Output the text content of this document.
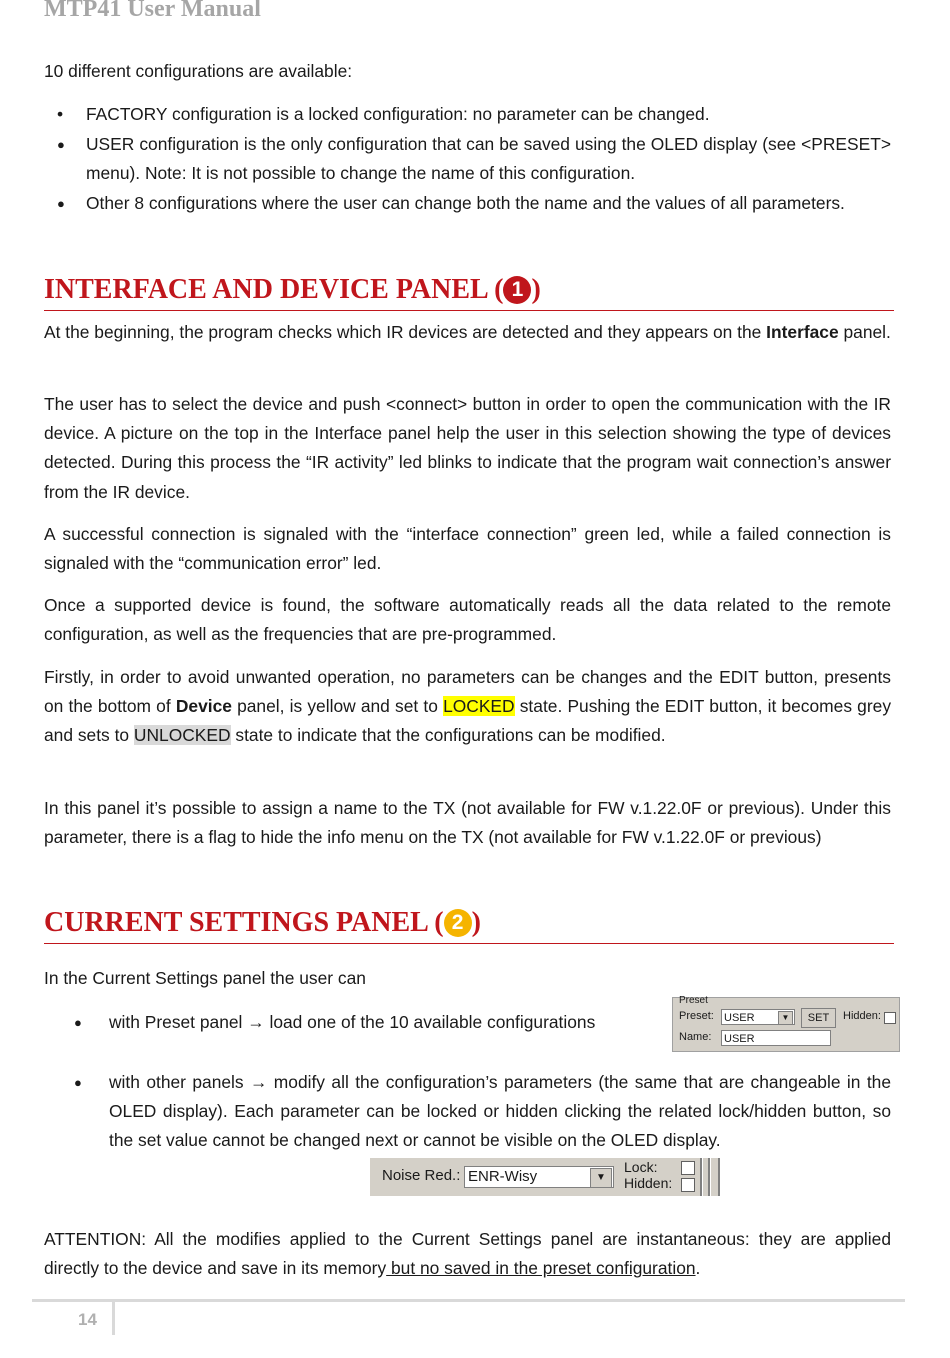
MTP41 User Manual

10 different configurations are available:

• FACTORY configuration is a locked configuration: no parameter can be changed.
● USER configuration is the only configuration that can be saved using the OLED display (see <PRESET> menu). Note: It is not possible to change the name of this configuration.
● Other 8 configurations where the user can change both the name and the values of all parameters.
INTERFACE AND DEVICE PANEL ( 1 )

At the beginning, the program checks which IR devices are detected and they appears on the Interface panel.

The user has to select the device and push <connect> button in order to open the communication with the IR device. A picture on the top in the Interface panel help the user in this selection showing the type of devices detected. During this process the “IR activity” led blinks to indicate that the program wait connection’s answer from the IR device.

A successful connection is signaled with the “interface connection” green led, while a failed connection is signaled with the “communication error” led.

Once a supported device is found, the software automatically reads all the data related to the remote configuration, as well as the frequencies that are pre-programmed.

Firstly, in order to avoid unwanted operation, no parameters can be changes and the EDIT button, presents on the bottom of Device panel, is yellow and set to LOCKED state. Pushing the EDIT button, it becomes grey and sets to UNLOCKED state to indicate that the configurations can be modified.

In this panel it’s possible to assign a name to the TX (not available for FW v.1.22.0F or previous). Under this parameter, there is a flag to hide the info menu on the TX (not available for FW v.1.22.0F or previous)

CURRENT SETTINGS PANEL ( 2 )

In the Current Settings panel the user can

● with Preset panel → load one of the 10 available configurations
Preset
Preset: USER	▼	SET	Hidden:
Name: USER
● with other panels → modify all the configuration’s parameters (the same that are changeable in the OLED display). Each parameter can be locked or hidden clicking the related lock/hidden button, so the set value cannot be changed next or cannot be visible on the OLED display.
Noise Red.: ENR-Wisy	▼
Lock:
Hidden:

ATTENTION: All the modifies applied to the Current Settings panel are instantaneous: they are applied directly to the device and save in its memory but no saved in the preset configuration.

14
